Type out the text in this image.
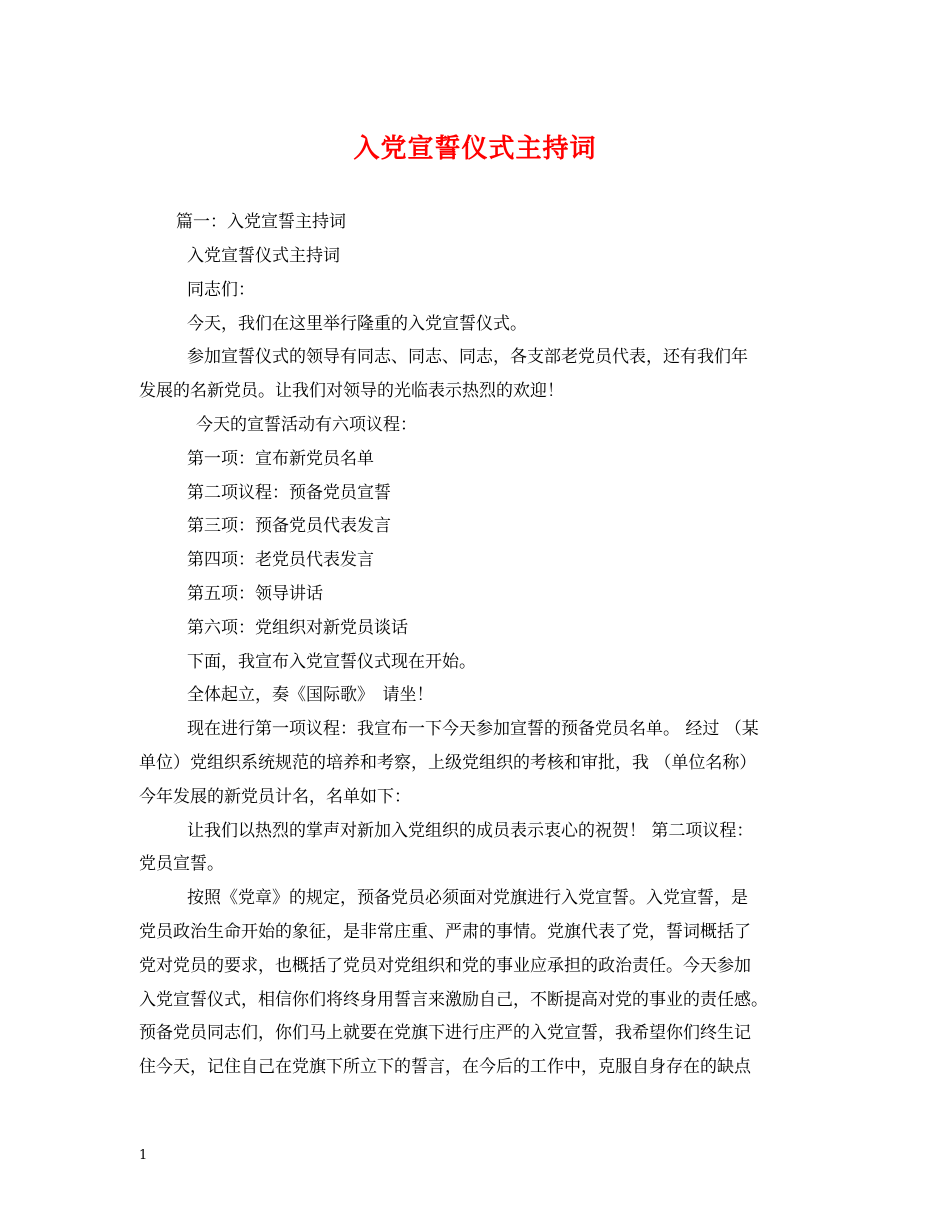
入党宣誓仪式主持词
篇一：入党宣誓主持词
入党宣誓仪式主持词
同志们：
今天，我们在这里举行隆重的入党宣誓仪式。
参加宣誓仪式的领导有同志、同志、同志，各支部老党员代表，还有我们年
发展的名新党员。让我们对领导的光临表示热烈的欢迎！
今天的宣誓活动有六项议程：
第一项：宣布新党员名单
第二项议程：预备党员宣誓
第三项：预备党员代表发言
第四项：老党员代表发言
第五项：领导讲话
第六项：党组织对新党员谈话
下面，我宣布入党宣誓仪式现在开始。
全体起立，奏《国际歌》　请坐！
现在进行第一项议程：我宣布一下今天参加宣誓的预备党员名单。 经过 （某
单位）党组织系统规范的培养和考察，上级党组织的考核和审批，我 （单位名称）
今年发展的新党员计名，名单如下：
让我们以热烈的掌声对新加入党组织的成员表示衷心的祝贺！ 第二项议程：
党员宣誓。
按照《党章》的规定，预备党员必须面对党旗进行入党宣誓。入党宣誓，是
党员政治生命开始的象征，是非常庄重、严肃的事情。党旗代表了党，誓词概括了
党对党员的要求，也概括了党员对党组织和党的事业应承担的政治责任。今天参加
入党宣誓仪式，相信你们将终身用誓言来激励自己，不断提高对党的事业的责任感。
预备党员同志们，你们马上就要在党旗下进行庄严的入党宣誓，我希望你们终生记
住今天，记住自己在党旗下所立下的誓言，在今后的工作中，克服自身存在的缺点
1
